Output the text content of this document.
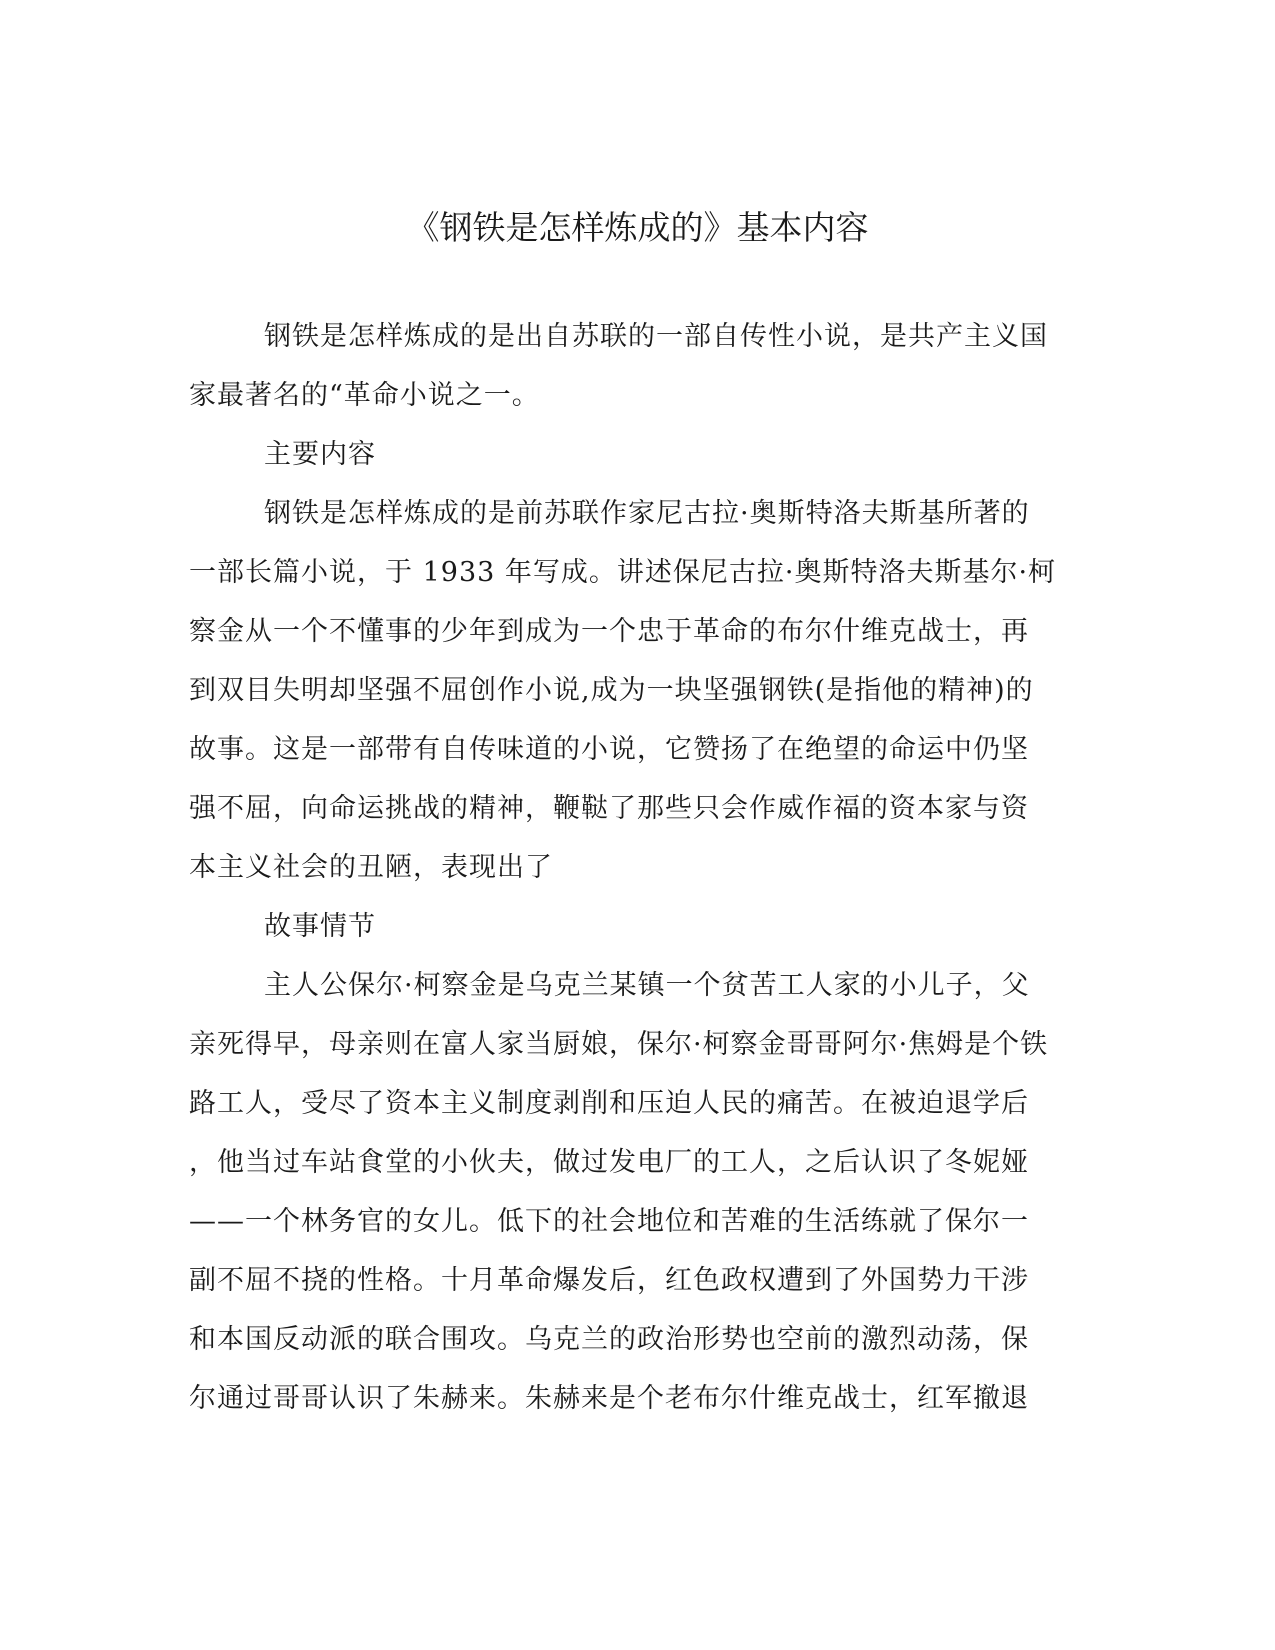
《钢铁是怎样炼成的》基本内容
钢铁是怎样炼成的是出自苏联的一部自传性小说，是共产主义国
家最著名的“革命小说之一。
主要内容
钢铁是怎样炼成的是前苏联作家尼古拉·奥斯特洛夫斯基所著的
一部长篇小说，于 1933 年写成。讲述保尼古拉·奥斯特洛夫斯基尔·柯
察金从一个不懂事的少年到成为一个忠于革命的布尔什维克战士，再
到双目失明却坚强不屈创作小说,成为一块坚强钢铁(是指他的精神)的
故事。这是一部带有自传味道的小说，它赞扬了在绝望的命运中仍坚
强不屈，向命运挑战的精神，鞭鞑了那些只会作威作福的资本家与资
本主义社会的丑陋，表现出了
故事情节
主人公保尔·柯察金是乌克兰某镇一个贫苦工人家的小儿子，父
亲死得早，母亲则在富人家当厨娘，保尔·柯察金哥哥阿尔·焦姆是个铁
路工人，受尽了资本主义制度剥削和压迫人民的痛苦。在被迫退学后
，他当过车站食堂的小伙夫，做过发电厂的工人，之后认识了冬妮娅
——一个林务官的女儿。低下的社会地位和苦难的生活练就了保尔一
副不屈不挠的性格。十月革命爆发后，红色政权遭到了外国势力干涉
和本国反动派的联合围攻。乌克兰的政治形势也空前的激烈动荡，保
尔通过哥哥认识了朱赫来。朱赫来是个老布尔什维克战士，红军撤退
